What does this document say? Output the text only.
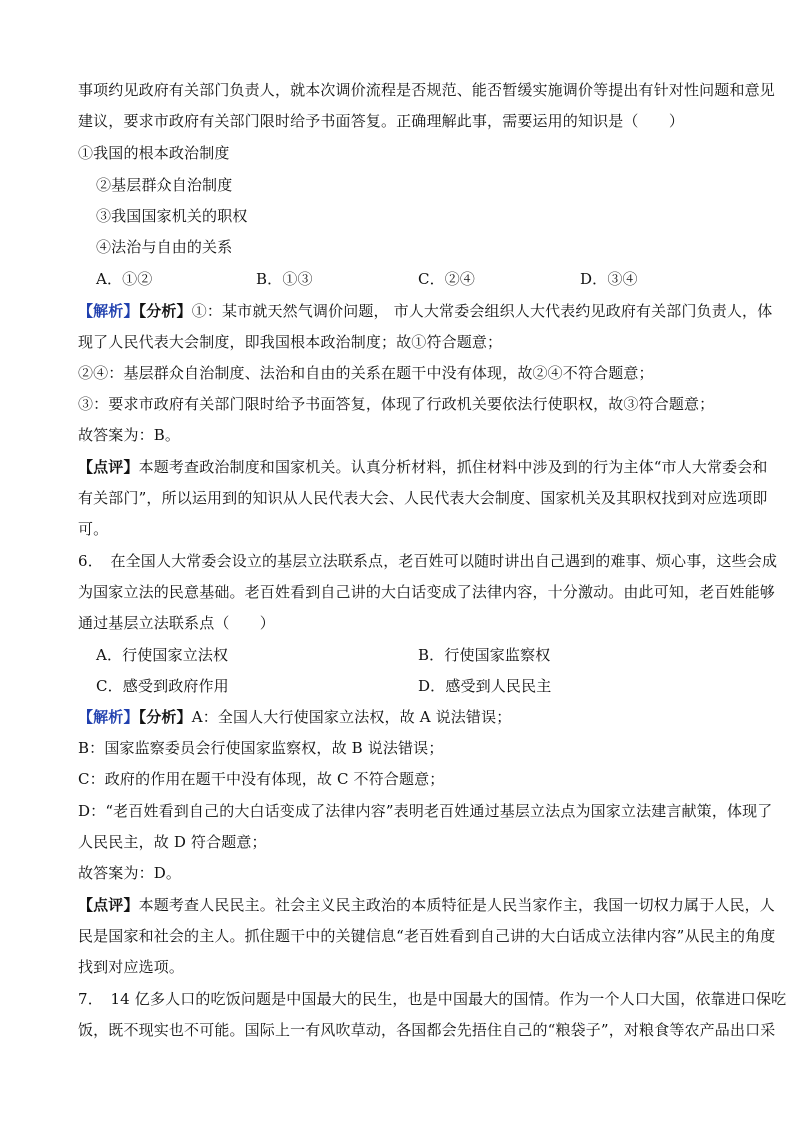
事项约见政府有关部门负责人，就本次调价流程是否规范、能否暂缓实施调价等提出有针对性问题和意见
建议，要求市政府有关部门限时给予书面答复。正确理解此事，需要运用的知识是（　　）
①我国的根本政治制度
②基层群众自治制度
③我国国家机关的职权
④法治与自由的关系
A．①②	B．①③	C．②④	D．③④
【解析】【分析】①：某市就天然气调价问题， 市人大常委会组织人大代表约见政府有关部门负责人，体
现了人民代表大会制度，即我国根本政治制度；故①符合题意；
②④：基层群众自治制度、法治和自由的关系在题干中没有体现，故②④不符合题意；
③：要求市政府有关部门限时给予书面答复，体现了行政机关要依法行使职权，故③符合题意；
故答案为：B。
【点评】本题考查政治制度和国家机关。认真分析材料，抓住材料中涉及到的行为主体“市人大常委会和
有关部门”，所以运用到的知识从人民代表大会、人民代表大会制度、国家机关及其职权找到对应选项即
可。
6．　在全国人大常委会设立的基层立法联系点，老百姓可以随时讲出自己遇到的难事、烦心事，这些会成
为国家立法的民意基础。老百姓看到自己讲的大白话变成了法律内容，十分激动。由此可知，老百姓能够
通过基层立法联系点（　　）
A．行使国家立法权	B．行使国家监察权
C．感受到政府作用	D．感受到人民民主
【解析】【分析】A：全国人大行使国家立法权，故 A 说法错误；
B：国家监察委员会行使国家监察权，故 B 说法错误；
C：政府的作用在题干中没有体现，故 C 不符合题意；
D：“老百姓看到自己的大白话变成了法律内容”表明老百姓通过基层立法点为国家立法建言献策，体现了
人民民主，故 D 符合题意；
故答案为：D。
【点评】本题考查人民民主。社会主义民主政治的本质特征是人民当家作主，我国一切权力属于人民，人
民是国家和社会的主人。抓住题干中的关键信息“老百姓看到自己讲的大白话成立法律内容”从民主的角度
找到对应选项。
7．　14 亿多人口的吃饭问题是中国最大的民生，也是中国最大的国情。作为一个人口大国，依靠进口保吃
饭，既不现实也不可能。国际上一有风吹草动，各国都会先捂住自己的“粮袋子”，对粮食等农产品出口采
